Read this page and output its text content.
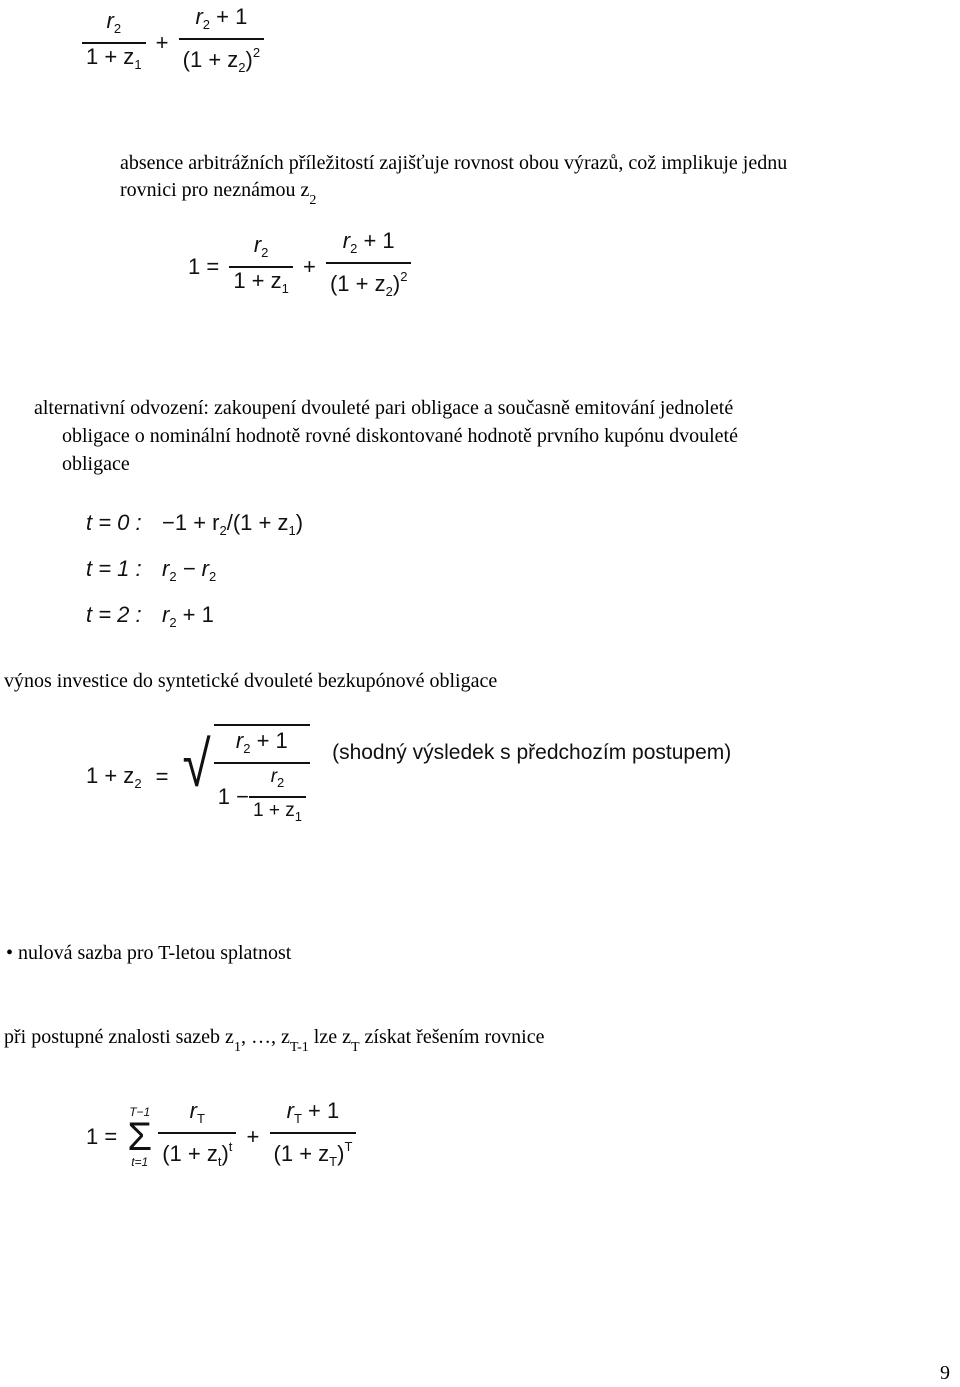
$\frac{r_2}{1 + z_1} + \frac{r_2 + 1}{(1 + z_2)^2}$
absence arbitrážních příležitostí zajišťuje rovnost obou výrazů, což implikuje jednu
rovnici pro neznámou $z_2$
$1 = \frac{r_2}{1 + z_1} + \frac{r_2 + 1}{(1 + z_2)^2}$
alternativní odvození: zakoupení dvouleté pari obligace a současně emitování jednoleté
obligace o nominální hodnotě rovné diskontované hodnotě prvního kupónu dvouleté
obligace
t = 0 : $-1 + r_2/(1 + z_1)$
t = 1 : $r_2 - r_2$
t = 2 : $r_2 + 1$
výnos investice do syntetické dvouleté bezkupónové obligace
$1 + z_2$ = √ $r_2 + 1$
$1 - \frac{r_2}{1 + z_1}$
(shodný výsledek s předchozím postupem)
• nulová sazba pro T-letou splatnost
při postupné znalosti sazeb $z_1$, …, $z_{T-1}$ lze $z_T$ získat řešením rovnice
1 =
T−1
Σ
t=1
$\frac{r_T}{(1 + z_t)^t} + \frac{r_T + 1}{(1 + z_T)^T}$
9
